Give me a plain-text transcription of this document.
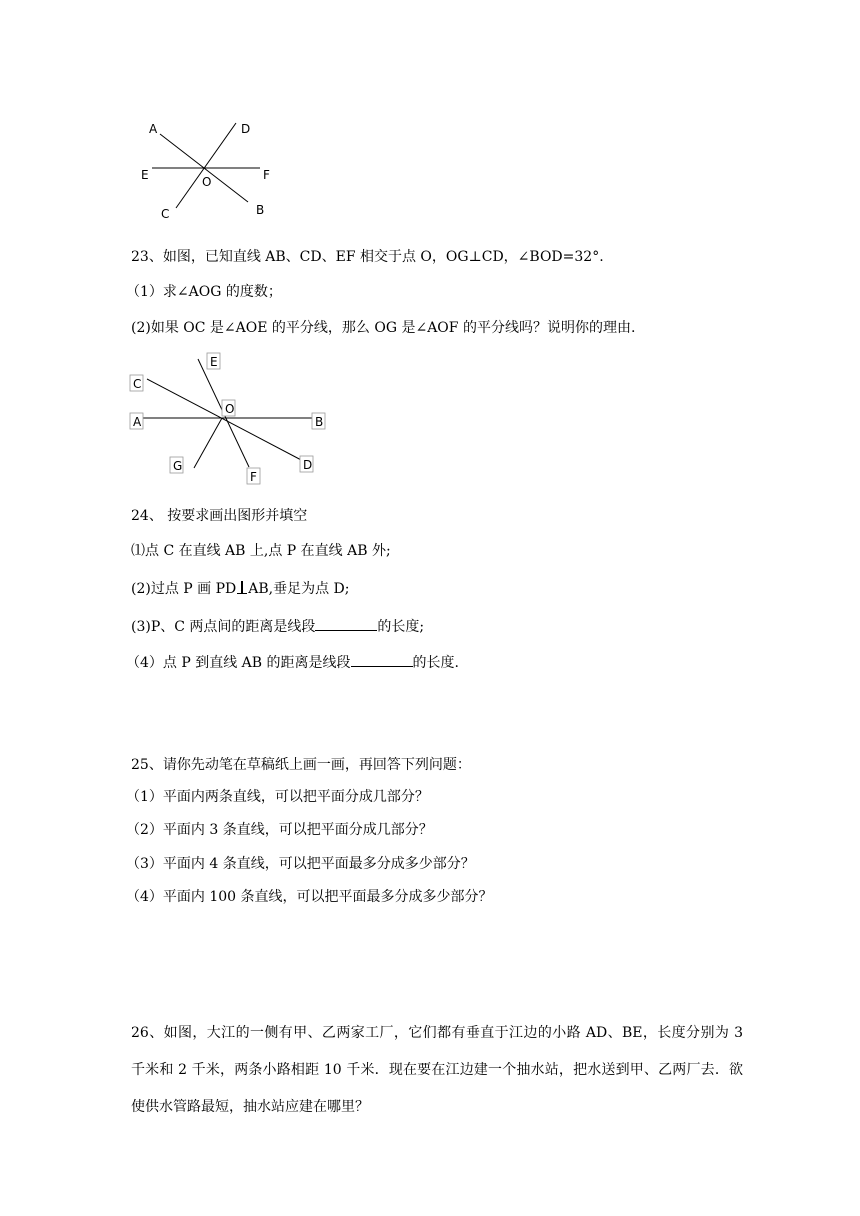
A	D
E	O	F
C	B
23、如图，已知直线 AB、CD、EF 相交于点 O，OG⊥CD，∠BOD=32°.
（1）求∠AOG 的度数；
(2)如果 OC 是∠AOE 的平分线，那么 OG 是∠AOF 的平分线吗？说明你的理由.
E
C
O
A	B
G
F
D
24、 按要求画出图形并填空
⑴点 C 在直线 AB 上,点 P 在直线 AB 外;
(2)过点 P 画 PD AB,垂足为点 D;
(3)P、C 两点间的距离是线段	的长度;
（4）点 P 到直线 AB 的距离是线段	的长度.
25、请你先动笔在草稿纸上画一画，再回答下列问题：
（1）平面内两条直线，可以把平面分成几部分？
（2）平面内 3 条直线，可以把平面分成几部分？
（3）平面内 4 条直线，可以把平面最多分成多少部分？
（4）平面内 100 条直线，可以把平面最多分成多少部分？
26、如图，大江的一侧有甲、乙两家工厂，它们都有垂直于江边的小路 AD、BE，长度分别为 3 千米和 2 千米，两条小路相距 10 千米．现在要在江边建一个抽水站，把水送到甲、乙两厂去．欲使供水管路最短，抽水站应建在哪里？
